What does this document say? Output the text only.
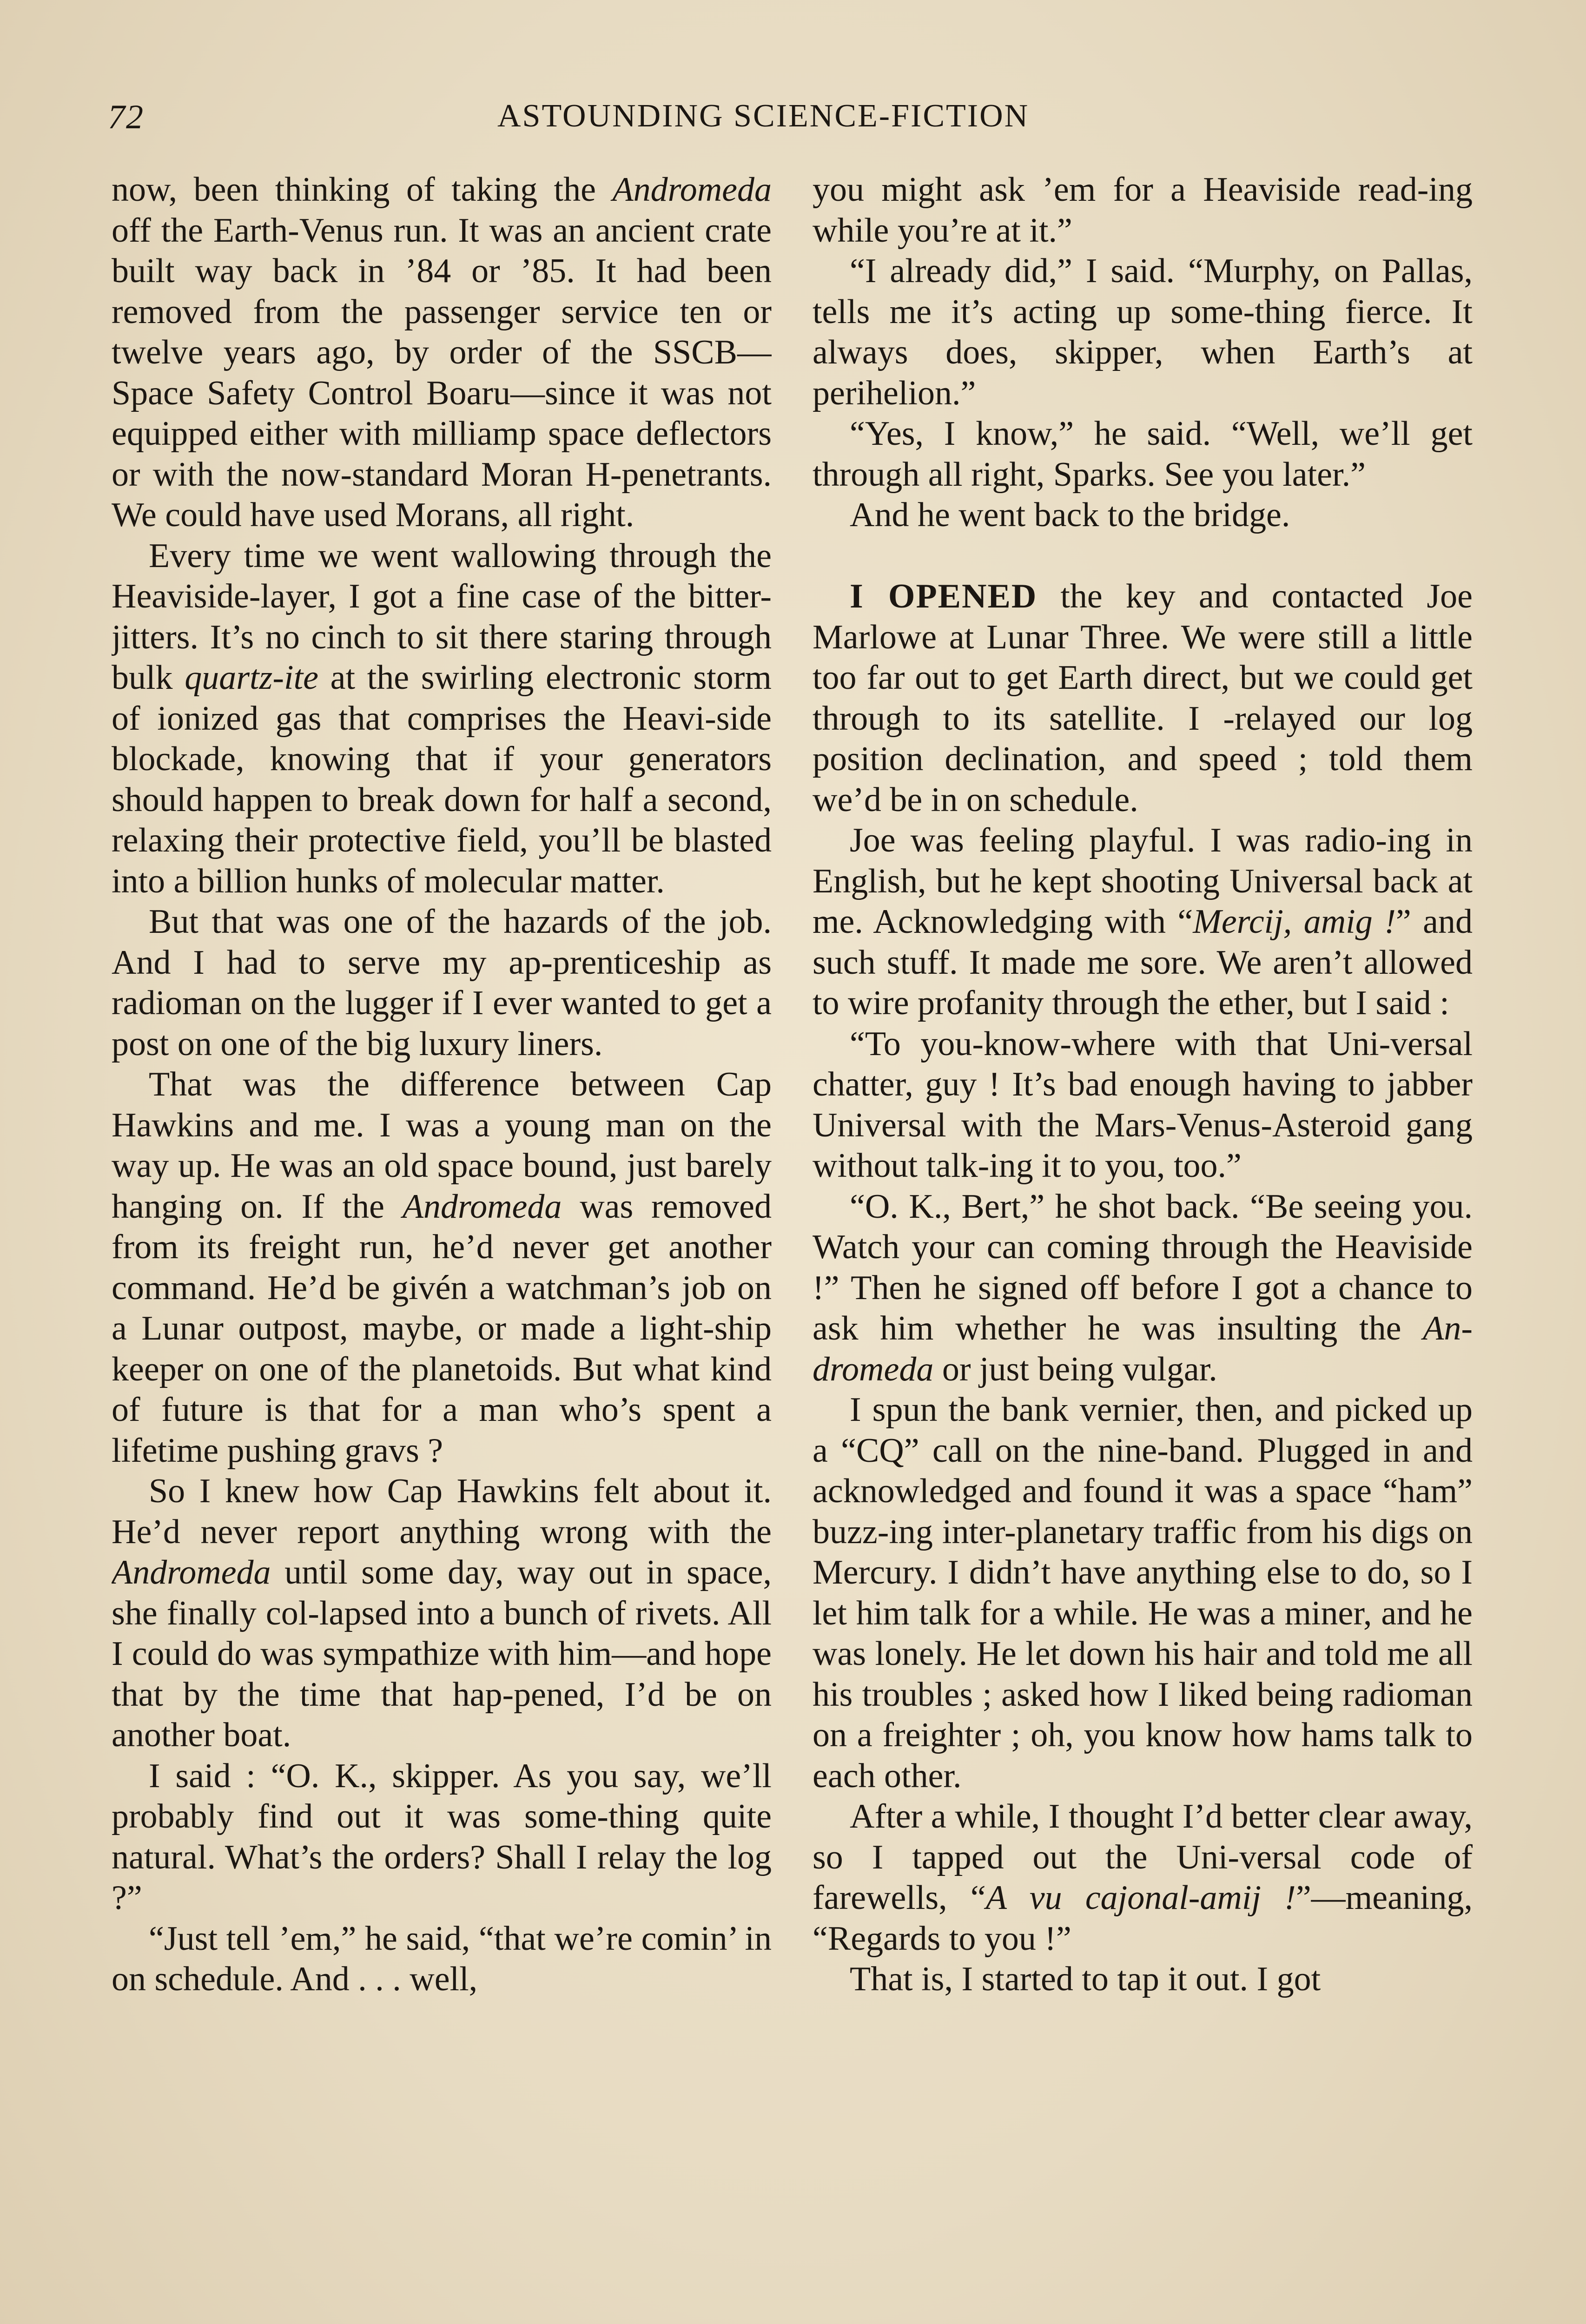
72	ASTOUNDING SCIENCE-FICTION

now, been thinking of taking the Andromeda off the Earth-Venus run. It was an ancient crate built way back in ’84 or ’85. It had been removed from the passenger service ten or twelve years ago, by order of the SSCB—Space Safety Control Boaru—since it was not equipped either with milliamp space deflectors or with the now-standard Moran H-penetrants. We could have used Morans, all right.

Every time we went wallowing through the Heaviside-layer, I got a fine case of the bitter-jitters. It’s no cinch to sit there staring through bulk quartz-ite at the swirling electronic storm of ionized gas that comprises the Heavi-side blockade, knowing that if your generators should happen to break down for half a second, relaxing their protective field, you’ll be blasted into a billion hunks of molecular matter.

But that was one of the hazards of the job. And I had to serve my ap-prenticeship as radioman on the lugger if I ever wanted to get a post on one of the big luxury liners.

That was the difference between Cap Hawkins and me. I was a young man on the way up. He was an old space bound, just barely hanging on. If the Andromeda was removed from its freight run, he’d never get another command. He’d be givén a watchman’s job on a Lunar outpost, maybe, or made a light-ship keeper on one of the planetoids. But what kind of future is that for a man who’s spent a lifetime pushing gravs ?

So I knew how Cap Hawkins felt about it. He’d never report anything wrong with the Andromeda until some day, way out in space, she finally col-lapsed into a bunch of rivets. All I could do was sympathize with him—and hope that by the time that hap-pened, I’d be on another boat.

I said : “O. K., skipper. As you say, we’ll probably find out it was some-thing quite natural. What’s the orders? Shall I relay the log ?”

“Just tell ’em,” he said, “that we’re comin’ in on schedule. And . . . well,

you might ask ’em for a Heaviside read-ing while you’re at it.”

“I already did,” I said. “Murphy, on Pallas, tells me it’s acting up some-thing fierce. It always does, skipper, when Earth’s at perihelion.”

“Yes, I know,” he said. “Well, we’ll get through all right, Sparks. See you later.”

And he went back to the bridge.

I OPENED the key and contacted Joe Marlowe at Lunar Three. We were still a little too far out to get Earth direct, but we could get through to its satellite. I -relayed our log position declination, and speed ; told them we’d be in on schedule.

Joe was feeling playful. I was radio-ing in English, but he kept shooting Universal back at me. Acknowledging with “Mercij, amig !” and such stuff. It made me sore. We aren’t allowed to wire profanity through the ether, but I said :

“To you-know-where with that Uni-versal chatter, guy ! It’s bad enough having to jabber Universal with the Mars-Venus-Asteroid gang without talk-ing it to you, too.”

“O. K., Bert,” he shot back. “Be seeing you. Watch your can coming through the Heaviside !” Then he signed off before I got a chance to ask him whether he was insulting the An-dromeda or just being vulgar.

I spun the bank vernier, then, and picked up a “CQ” call on the nine-band. Plugged in and acknowledged and found it was a space “ham” buzz-ing inter-planetary traffic from his digs on Mercury. I didn’t have anything else to do, so I let him talk for a while. He was a miner, and he was lonely. He let down his hair and told me all his troubles ; asked how I liked being radioman on a freighter ; oh, you know how hams talk to each other.

After a while, I thought I’d better clear away, so I tapped out the Uni-versal code of farewells, “A vu cajonal-amij !”—meaning, “Regards to you !”

That is, I started to tap it out. I got
